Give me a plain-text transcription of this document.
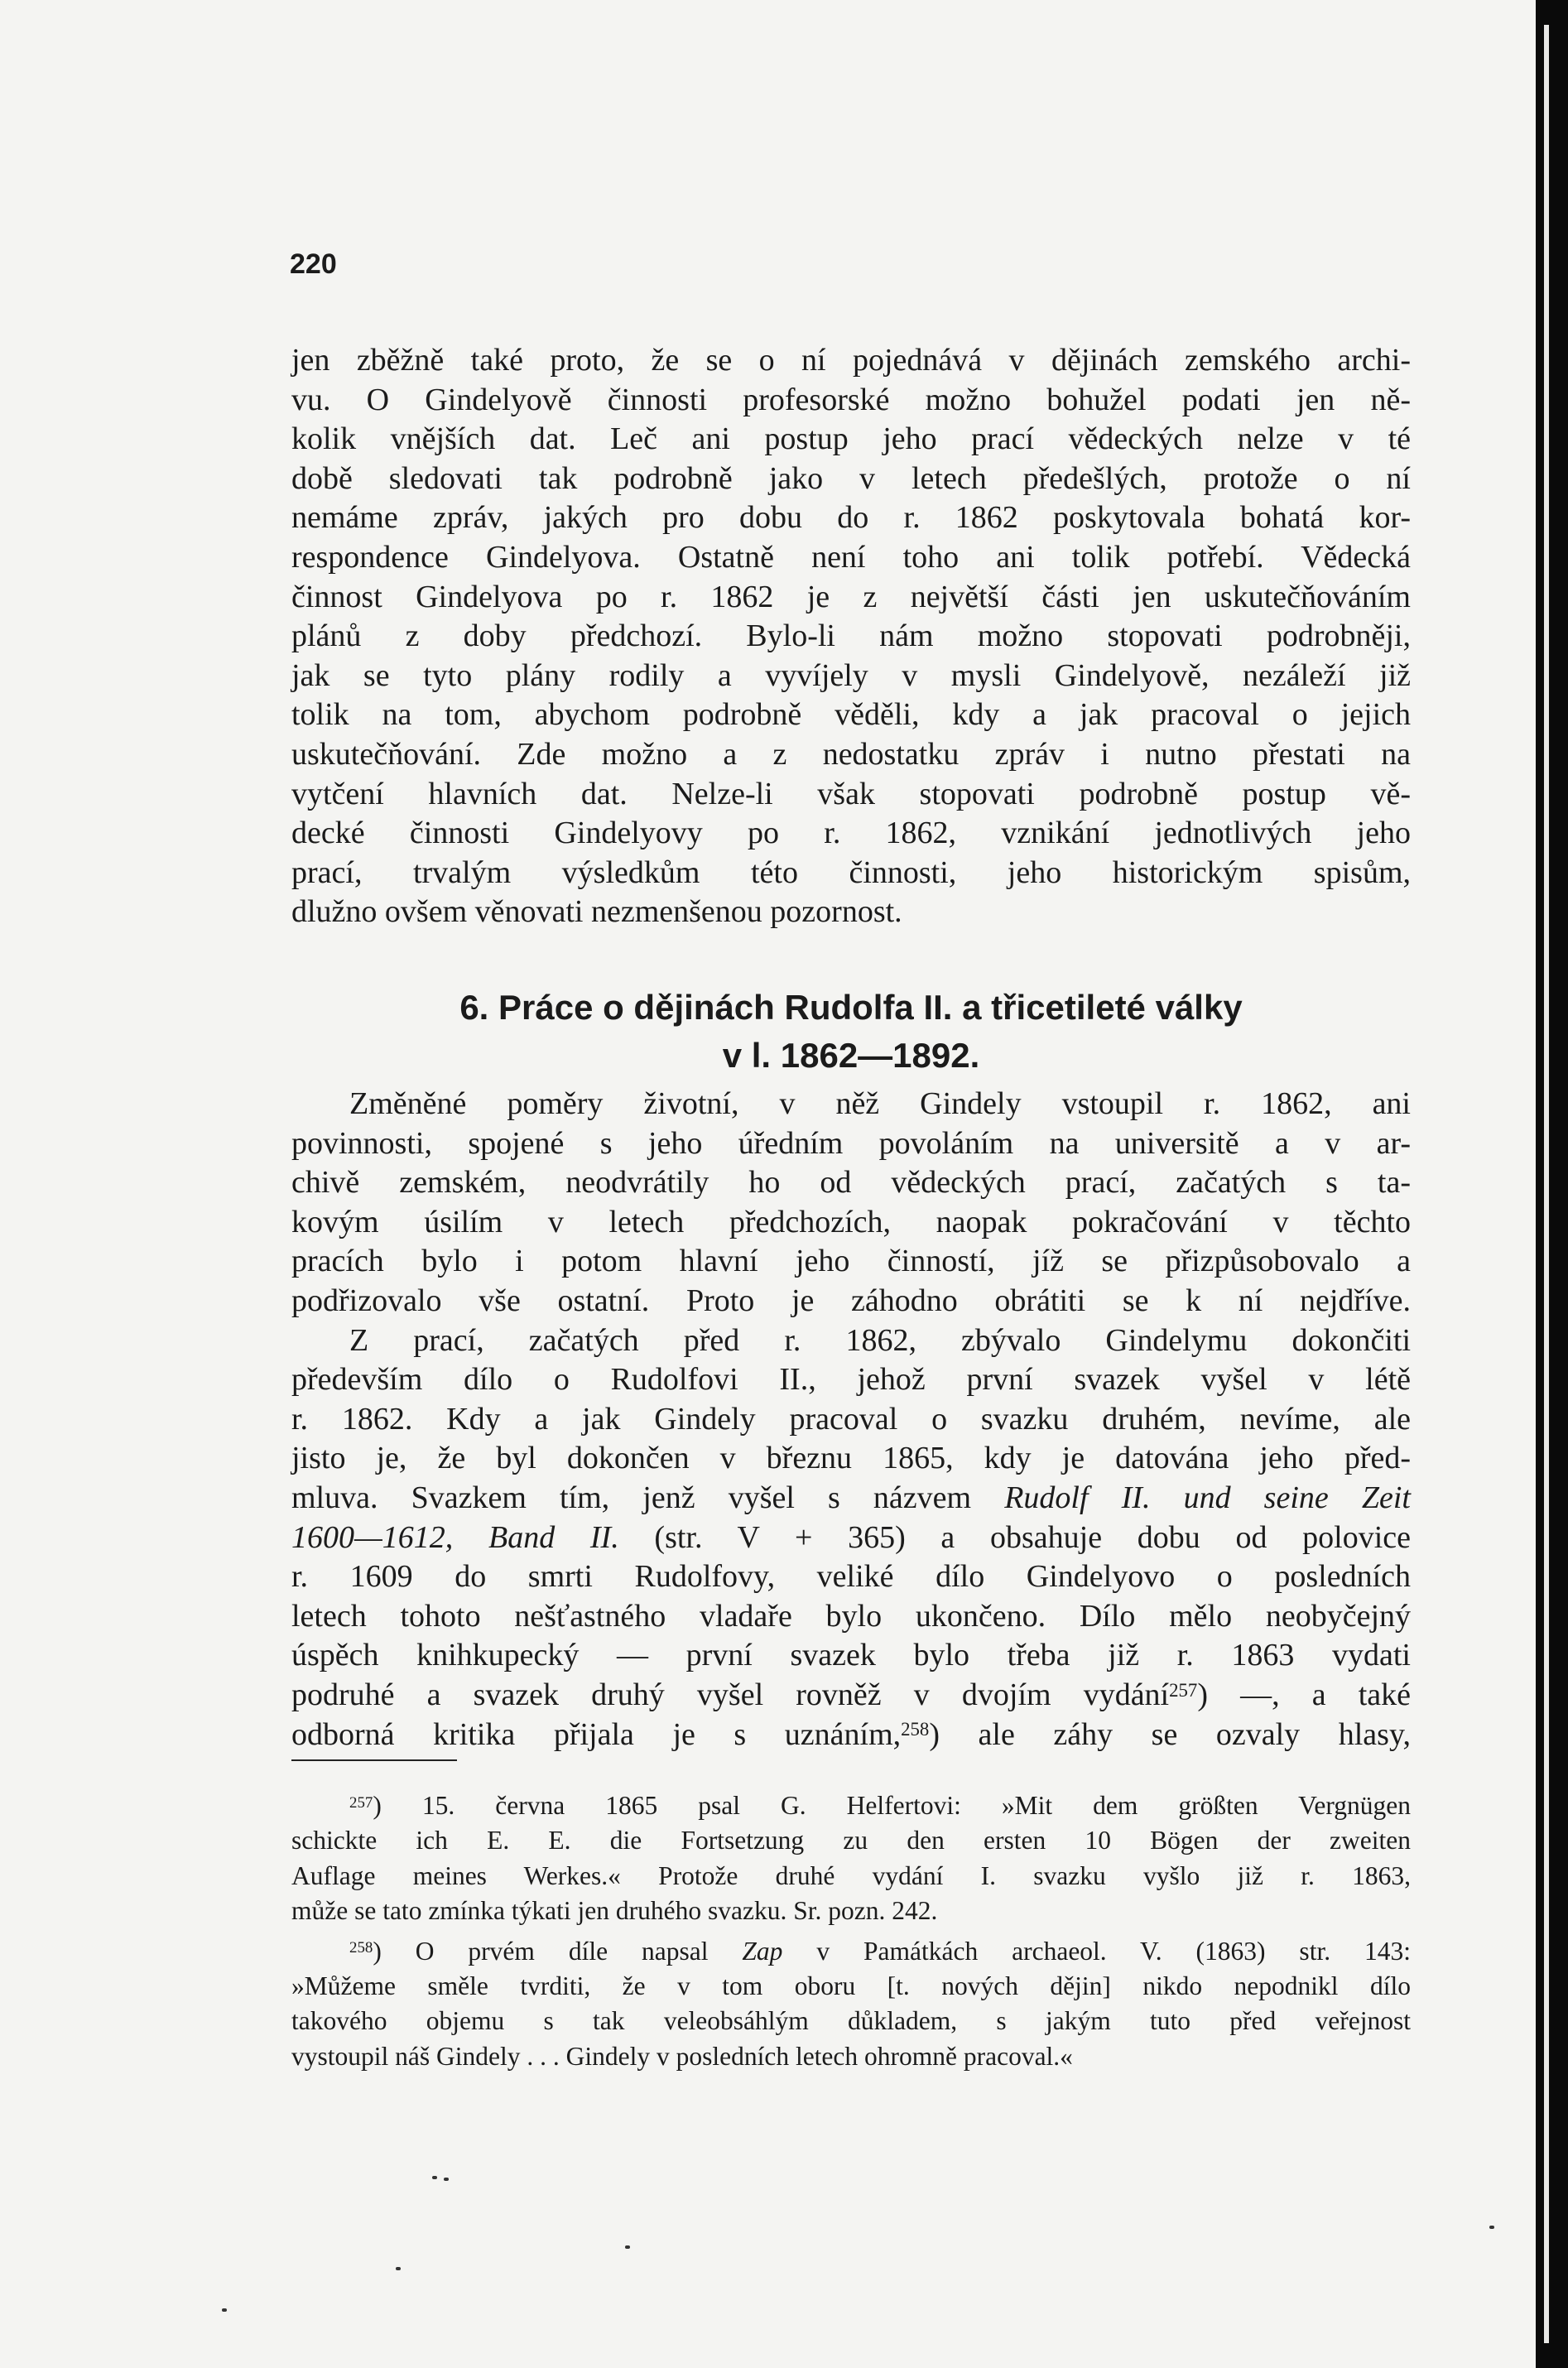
220

jen zběžně také proto, že se o ní pojednává v dějinách zemského archi-
vu. O Gindelyově činnosti profesorské možno bohužel podati jen ně-
kolik vnějších dat. Leč ani postup jeho prací vědeckých nelze v té
době sledovati tak podrobně jako v letech předešlých, protože o ní
nemáme zpráv, jakých pro dobu do r. 1862 poskytovala bohatá kor-
respondence Gindelyova. Ostatně není toho ani tolik potřebí. Vědecká
činnost Gindelyova po r. 1862 je z největší části jen uskutečňováním
plánů z doby předchozí. Bylo-li nám možno stopovati podrobněji,
jak se tyto plány rodily a vyvíjely v mysli Gindelyově, nezáleží již
tolik na tom, abychom podrobně věděli, kdy a jak pracoval o jejich
uskutečňování. Zde možno a z nedostatku zpráv i nutno přestati na
vytčení hlavních dat. Nelze-li však stopovati podrobně postup vě-
decké činnosti Gindelyovy po r. 1862, vznikání jednotlivých jeho
prací, trvalým výsledkům této činnosti, jeho historickým spisům,
dlužno ovšem věnovati nezmenšenou pozornost.

6. Práce o dějinách Rudolfa II. a třicetileté války
v l. 1862—1892.

Změněné poměry životní, v něž Gindely vstoupil r. 1862, ani
povinnosti, spojené s jeho úředním povoláním na universitě a v ar-
chivě zemském, neodvrátily ho od vědeckých prací, začatých s ta-
kovým úsilím v letech předchozích, naopak pokračování v těchto
pracích bylo i potom hlavní jeho činností, jíž se přizpůsobovalo a
podřizovalo vše ostatní. Proto je záhodno obrátiti se k ní nejdříve.

Z prací, začatých před r. 1862, zbývalo Gindelymu dokončiti
především dílo o Rudolfovi II., jehož první svazek vyšel v létě
r. 1862. Kdy a jak Gindely pracoval o svazku druhém, nevíme, ale
jisto je, že byl dokončen v březnu 1865, kdy je datována jeho před-
mluva. Svazkem tím, jenž vyšel s názvem Rudolf II. und seine Zeit
1600—1612, Band II. (str. V + 365) a obsahuje dobu od polovice
r. 1609 do smrti Rudolfovy, veliké dílo Gindelyovo o posledních
letech tohoto nešťastného vladaře bylo ukončeno. Dílo mělo neobyčejný
úspěch knihkupecký — první svazek bylo třeba již r. 1863 vydati
podruhé a svazek druhý vyšel rovněž v dvojím vydání$^{257}$) —, a také
odborná kritika přijala je s uznáním,$^{258}$) ale záhy se ozvaly hlasy,

$^{257}$) 15. června 1865 psal G. Helfertovi: »Mit dem größten Vergnügen
schickte ich E. E. die Fortsetzung zu den ersten 10 Bögen der zweiten
Auflage meines Werkes.« Protože druhé vydání I. svazku vyšlo již r. 1863,
může se tato zmínka týkati jen druhého svazku. Sr. pozn. 242.

$^{258}$) O prvém díle napsal Zap v Památkách archaeol. V. (1863) str. 143:
»Můžeme směle tvrditi, že v tom oboru [t. nových dějin] nikdo nepodnikl dílo
takového objemu s tak veleobsáhlým důkladem, s jakým tuto před veřejnost
vystoupil náš Gindely . . . Gindely v posledních letech ohromně pracoval.«
